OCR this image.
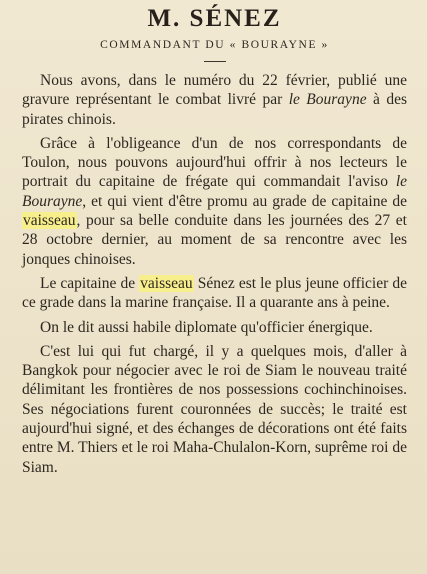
M. SÉNEZ
COMMANDANT DU « BOURAYNE »

Nous avons, dans le numéro du 22 février, publié une gravure représentant le combat livré par le Bourayne à des pirates chinois.

Grâce à l'obligeance d'un de nos correspondants de Toulon, nous pouvons aujourd'hui offrir à nos lecteurs le portrait du capitaine de frégate qui commandait l'aviso le Bourayne, et qui vient d'être promu au grade de capitaine de vaisseau, pour sa belle conduite dans les journées des 27 et 28 octobre dernier, au moment de sa rencontre avec les jonques chinoises.

Le capitaine de vaisseau Sénez est le plus jeune officier de ce grade dans la marine française. Il a quarante ans à peine.

On le dit aussi habile diplomate qu'officier énergique.

C'est lui qui fut chargé, il y a quelques mois, d'aller à Bangkok pour négocier avec le roi de Siam le nouveau traité délimitant les frontières de nos possessions cochinchinoises. Ses négociations furent couronnées de succès; le traité est aujourd'hui signé, et des échanges de décorations ont été faits entre M. Thiers et le roi Maha-Chulalon-Korn, suprême roi de Siam.
